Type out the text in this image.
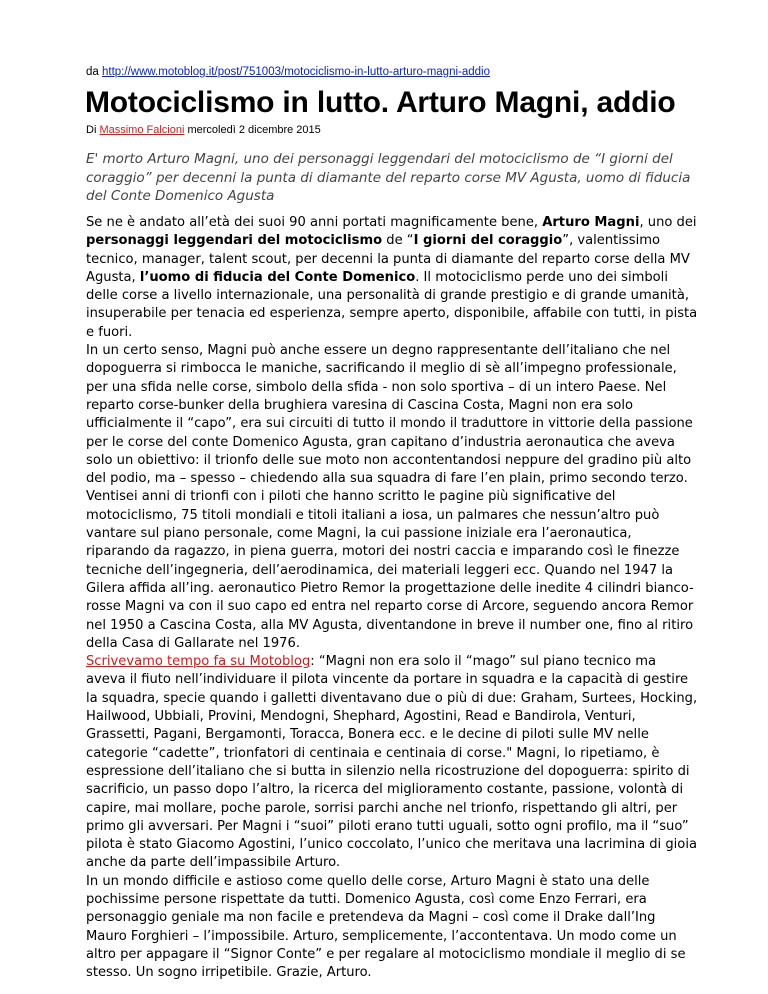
da http://www.motoblog.it/post/751003/motociclismo-in-lutto-arturo-magni-addio
Motociclismo in lutto. Arturo Magni, addio
Di Massimo Falcioni mercoledì 2 dicembre 2015

E' morto Arturo Magni, uno dei personaggi leggendari del motociclismo de “I giorni del coraggio” per decenni la punta di diamante del reparto corse MV Agusta, uomo di fiducia del Conte Domenico Agusta

Se ne è andato all’età dei suoi 90 anni portati magnificamente bene, Arturo Magni, uno dei personaggi leggendari del motociclismo de “I giorni del coraggio”, valentissimo tecnico, manager, talent scout, per decenni la punta di diamante del reparto corse della MV Agusta, l’uomo di fiducia del Conte Domenico. Il motociclismo perde uno dei simboli delle corse a livello internazionale, una personalità di grande prestigio e di grande umanità, insuperabile per tenacia ed esperienza, sempre aperto, disponibile, affabile con tutti, in pista e fuori.
In un certo senso, Magni può anche essere un degno rappresentante dell’italiano che nel dopoguerra si rimbocca le maniche, sacrificando il meglio di sè all’impegno professionale, per una sfida nelle corse, simbolo della sfida - non solo sportiva – di un intero Paese. Nel reparto corse-bunker della brughiera varesina di Cascina Costa, Magni non era solo ufficialmente il “capo”, era sui circuiti di tutto il mondo il traduttore in vittorie della passione per le corse del conte Domenico Agusta, gran capitano d’industria aeronautica che aveva solo un obiettivo: il trionfo delle sue moto non accontentandosi neppure del gradino più alto del podio, ma – spesso – chiedendo alla sua squadra di fare l’en plain, primo secondo terzo.
Ventisei anni di trionfi con i piloti che hanno scritto le pagine più significative del motociclismo, 75 titoli mondiali e titoli italiani a iosa, un palmares che nessun’altro può vantare sul piano personale, come Magni, la cui passione iniziale era l’aeronautica, riparando da ragazzo, in piena guerra, motori dei nostri caccia e imparando così le finezze tecniche dell’ingegneria, dell’aerodinamica, dei materiali leggeri ecc. Quando nel 1947 la Gilera affida all’ing. aeronautico Pietro Remor la progettazione delle inedite 4 cilindri bianco-rosse Magni va con il suo capo ed entra nel reparto corse di Arcore, seguendo ancora Remor nel 1950 a Cascina Costa, alla MV Agusta, diventandone in breve il number one, fino al ritiro della Casa di Gallarate nel 1976.
Scrivevamo tempo fa su Motoblog: “Magni non era solo il “mago” sul piano tecnico ma aveva il fiuto nell’individuare il pilota vincente da portare in squadra e la capacità di gestire la squadra, specie quando i galletti diventavano due o più di due: Graham, Surtees, Hocking, Hailwood, Ubbiali, Provini, Mendogni, Shephard, Agostini, Read e Bandirola, Venturi, Grassetti, Pagani, Bergamonti, Toracca, Bonera ecc. e le decine di piloti sulle MV nelle categorie “cadette”, trionfatori di centinaia e centinaia di corse." Magni, lo ripetiamo, è espressione dell’italiano che si butta in silenzio nella ricostruzione del dopoguerra: spirito di sacrificio, un passo dopo l’altro, la ricerca del miglioramento costante, passione, volontà di capire, mai mollare, poche parole, sorrisi parchi anche nel trionfo, rispettando gli altri, per primo gli avversari. Per Magni i “suoi” piloti erano tutti uguali, sotto ogni profilo, ma il “suo” pilota è stato Giacomo Agostini, l’unico coccolato, l’unico che meritava una lacrimina di gioia anche da parte dell’impassibile Arturo.
In un mondo difficile e astioso come quello delle corse, Arturo Magni è stato una delle pochissime persone rispettate da tutti. Domenico Agusta, così come Enzo Ferrari, era personaggio geniale ma non facile e pretendeva da Magni – così come il Drake dall’Ing Mauro Forghieri – l’impossibile. Arturo, semplicemente, l’accontentava. Un modo come un altro per appagare il “Signor Conte” e per regalare al motociclismo mondiale il meglio di se stesso. Un sogno irripetibile. Grazie, Arturo.
